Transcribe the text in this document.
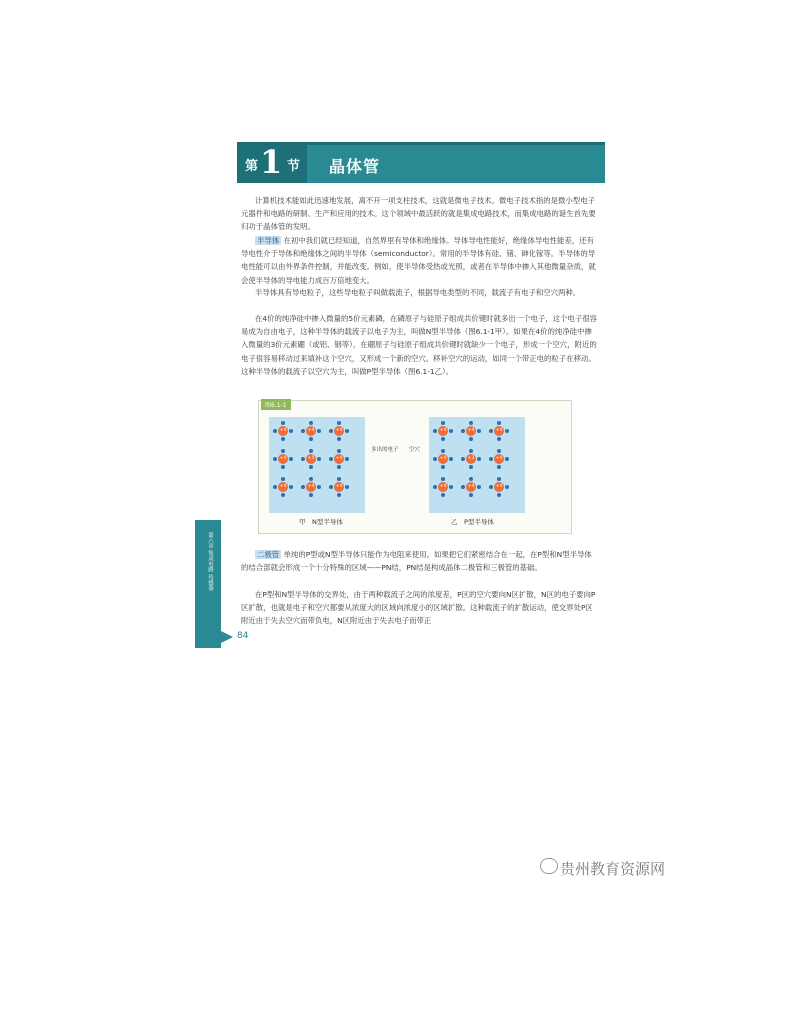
第 1 节 晶体管
计算机技术能如此迅速地发展，离不开一项支柱技术，这就是微电子技术。微电子技术指的是微小型电子元器件和电路的研制、生产和应用的技术。这个领域中最活跃的就是集成电路技术，而集成电路的诞生首先要归功于晶体管的发明。
半导体 在初中我们就已经知道，自然界里有导体和绝缘体。导体导电性能好，绝缘体导电性能差，还有导电性介于导体和绝缘体之间的半导体（semiconductor）。常用的半导体有硅、锗、砷化镓等。半导体的导电性能可以由外界条件控制，并能改变。例如，使半导体受热或光照，或者在半导体中掺入其他微量杂质，就会使半导体的导电能力成百万倍地变大。
半导体具有导电粒子，这些导电粒子叫做载流子，根据导电类型的不同，载流子有电子和空穴两种。
在4价的纯净硅中掺入微量的5价元素磷，在磷原子与硅原子组成共价键时就多出一个电子，这个电子很容易成为自由电子，这种半导体的载流子以电子为主，叫做N型半导体（图6.1-1甲）。如果在4价的纯净硅中掺入微量的3价元素硼（或铝、铟等），在硼原子与硅原子组成共价键时就缺少一个电子，形成一个空穴，附近的电子很容易移动过来填补这个空穴，又形成一个新的空穴。移补空穴的运动，如同一个带正电的粒子在移动。这种半导体的载流子以空穴为主，叫做P型半导体（图6.1-1乙）。
图6.1-1
+4	+4	+4
+4	+5	+4
+4	+4	+4
+4	+4	+4
+4	+3	+4
+4	+4	+4
多出的电子 空穴
甲　N型半导体	乙　P型半导体
二极管 单纯的P型或N型半导体只能作为电阻来使用。如果把它们紧密结合在一起，在P型和N型半导体的结合部就会形成一个十分特殊的区域——PN结，PN结是构成晶体二极管和三极管的基础。
在P型和N型半导体的交界处，由于两种载流子之间的浓度差，P区的空穴要向N区扩散，N区的电子要向P区扩散，也就是电子和空穴都要从浓度大的区域向浓度小的区域扩散。这种载流子的扩散运动，使交界处P区附近由于失去空穴而带负电，N区附近由于失去电子而带正
第六章 集成电路 传感器
84
贵州教育资源网
